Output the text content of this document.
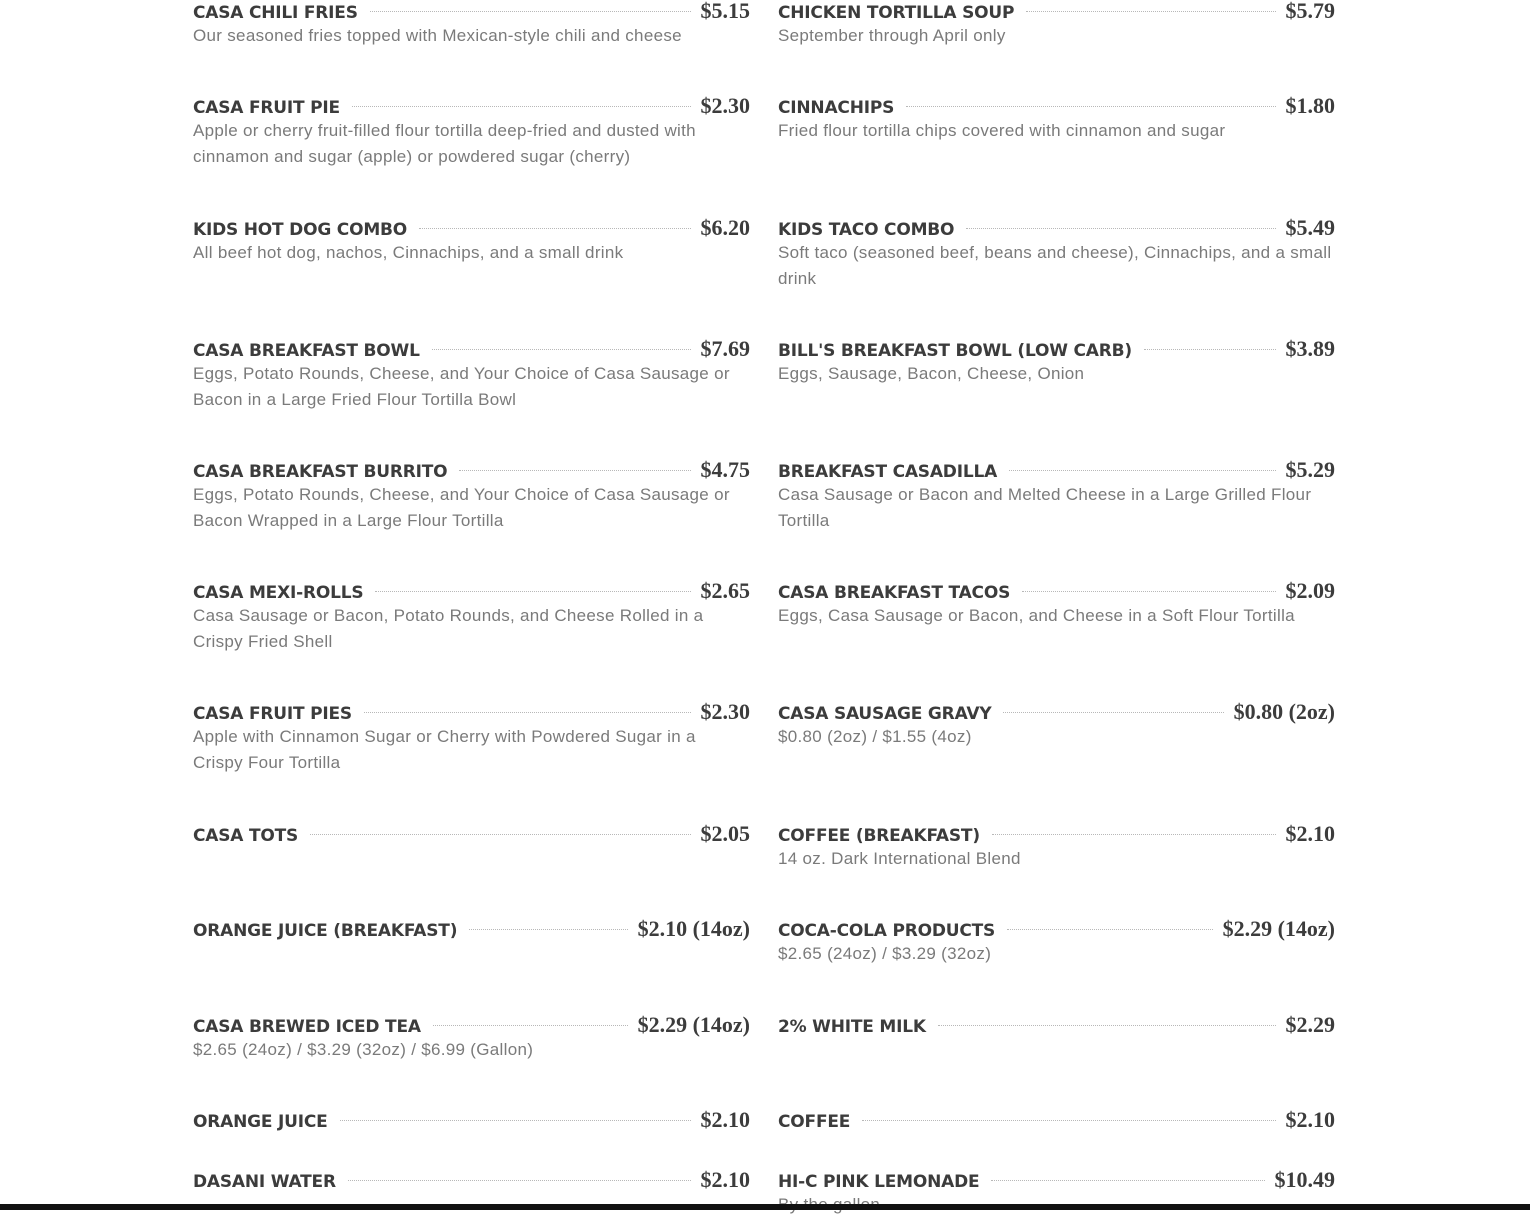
CASA CHILI FRIES	$5.15
Our seasoned fries topped with Mexican-style chili and cheese
CASA FRUIT PIE	$2.30
Apple or cherry fruit-filled flour tortilla deep-fried and dusted with cinnamon and sugar (apple) or powdered sugar (cherry)
KIDS HOT DOG COMBO	$6.20
All beef hot dog, nachos, Cinnachips, and a small drink
CASA BREAKFAST BOWL	$7.69
Eggs, Potato Rounds, Cheese, and Your Choice of Casa Sausage or Bacon in a Large Fried Flour Tortilla Bowl
CASA BREAKFAST BURRITO	$4.75
Eggs, Potato Rounds, Cheese, and Your Choice of Casa Sausage or Bacon Wrapped in a Large Flour Tortilla
CASA MEXI-ROLLS	$2.65
Casa Sausage or Bacon, Potato Rounds, and Cheese Rolled in a Crispy Fried Shell
CASA FRUIT PIES	$2.30
Apple with Cinnamon Sugar or Cherry with Powdered Sugar in a Crispy Four Tortilla
CASA TOTS	$2.05
ORANGE JUICE (BREAKFAST)	$2.10 (14oz)
CASA BREWED ICED TEA	$2.29 (14oz)
$2.65 (24oz) / $3.29 (32oz) / $6.99 (Gallon)
ORANGE JUICE	$2.10
DASANI WATER	$2.10
CHICKEN TORTILLA SOUP	$5.79
September through April only
CINNACHIPS	$1.80
Fried flour tortilla chips covered with cinnamon and sugar
KIDS TACO COMBO	$5.49
Soft taco (seasoned beef, beans and cheese), Cinnachips, and a small drink
BILL'S BREAKFAST BOWL (LOW CARB)	$3.89
Eggs, Sausage, Bacon, Cheese, Onion
BREAKFAST CASADILLA	$5.29
Casa Sausage or Bacon and Melted Cheese in a Large Grilled Flour Tortilla
CASA BREAKFAST TACOS	$2.09
Eggs, Casa Sausage or Bacon, and Cheese in a Soft Flour Tortilla
CASA SAUSAGE GRAVY	$0.80 (2oz)
$0.80 (2oz) / $1.55 (4oz)
COFFEE (BREAKFAST)	$2.10
14 oz. Dark International Blend
COCA-COLA PRODUCTS	$2.29 (14oz)
$2.65 (24oz) / $3.29 (32oz)
2% WHITE MILK	$2.29
COFFEE	$2.10
HI-C PINK LEMONADE	$10.49
